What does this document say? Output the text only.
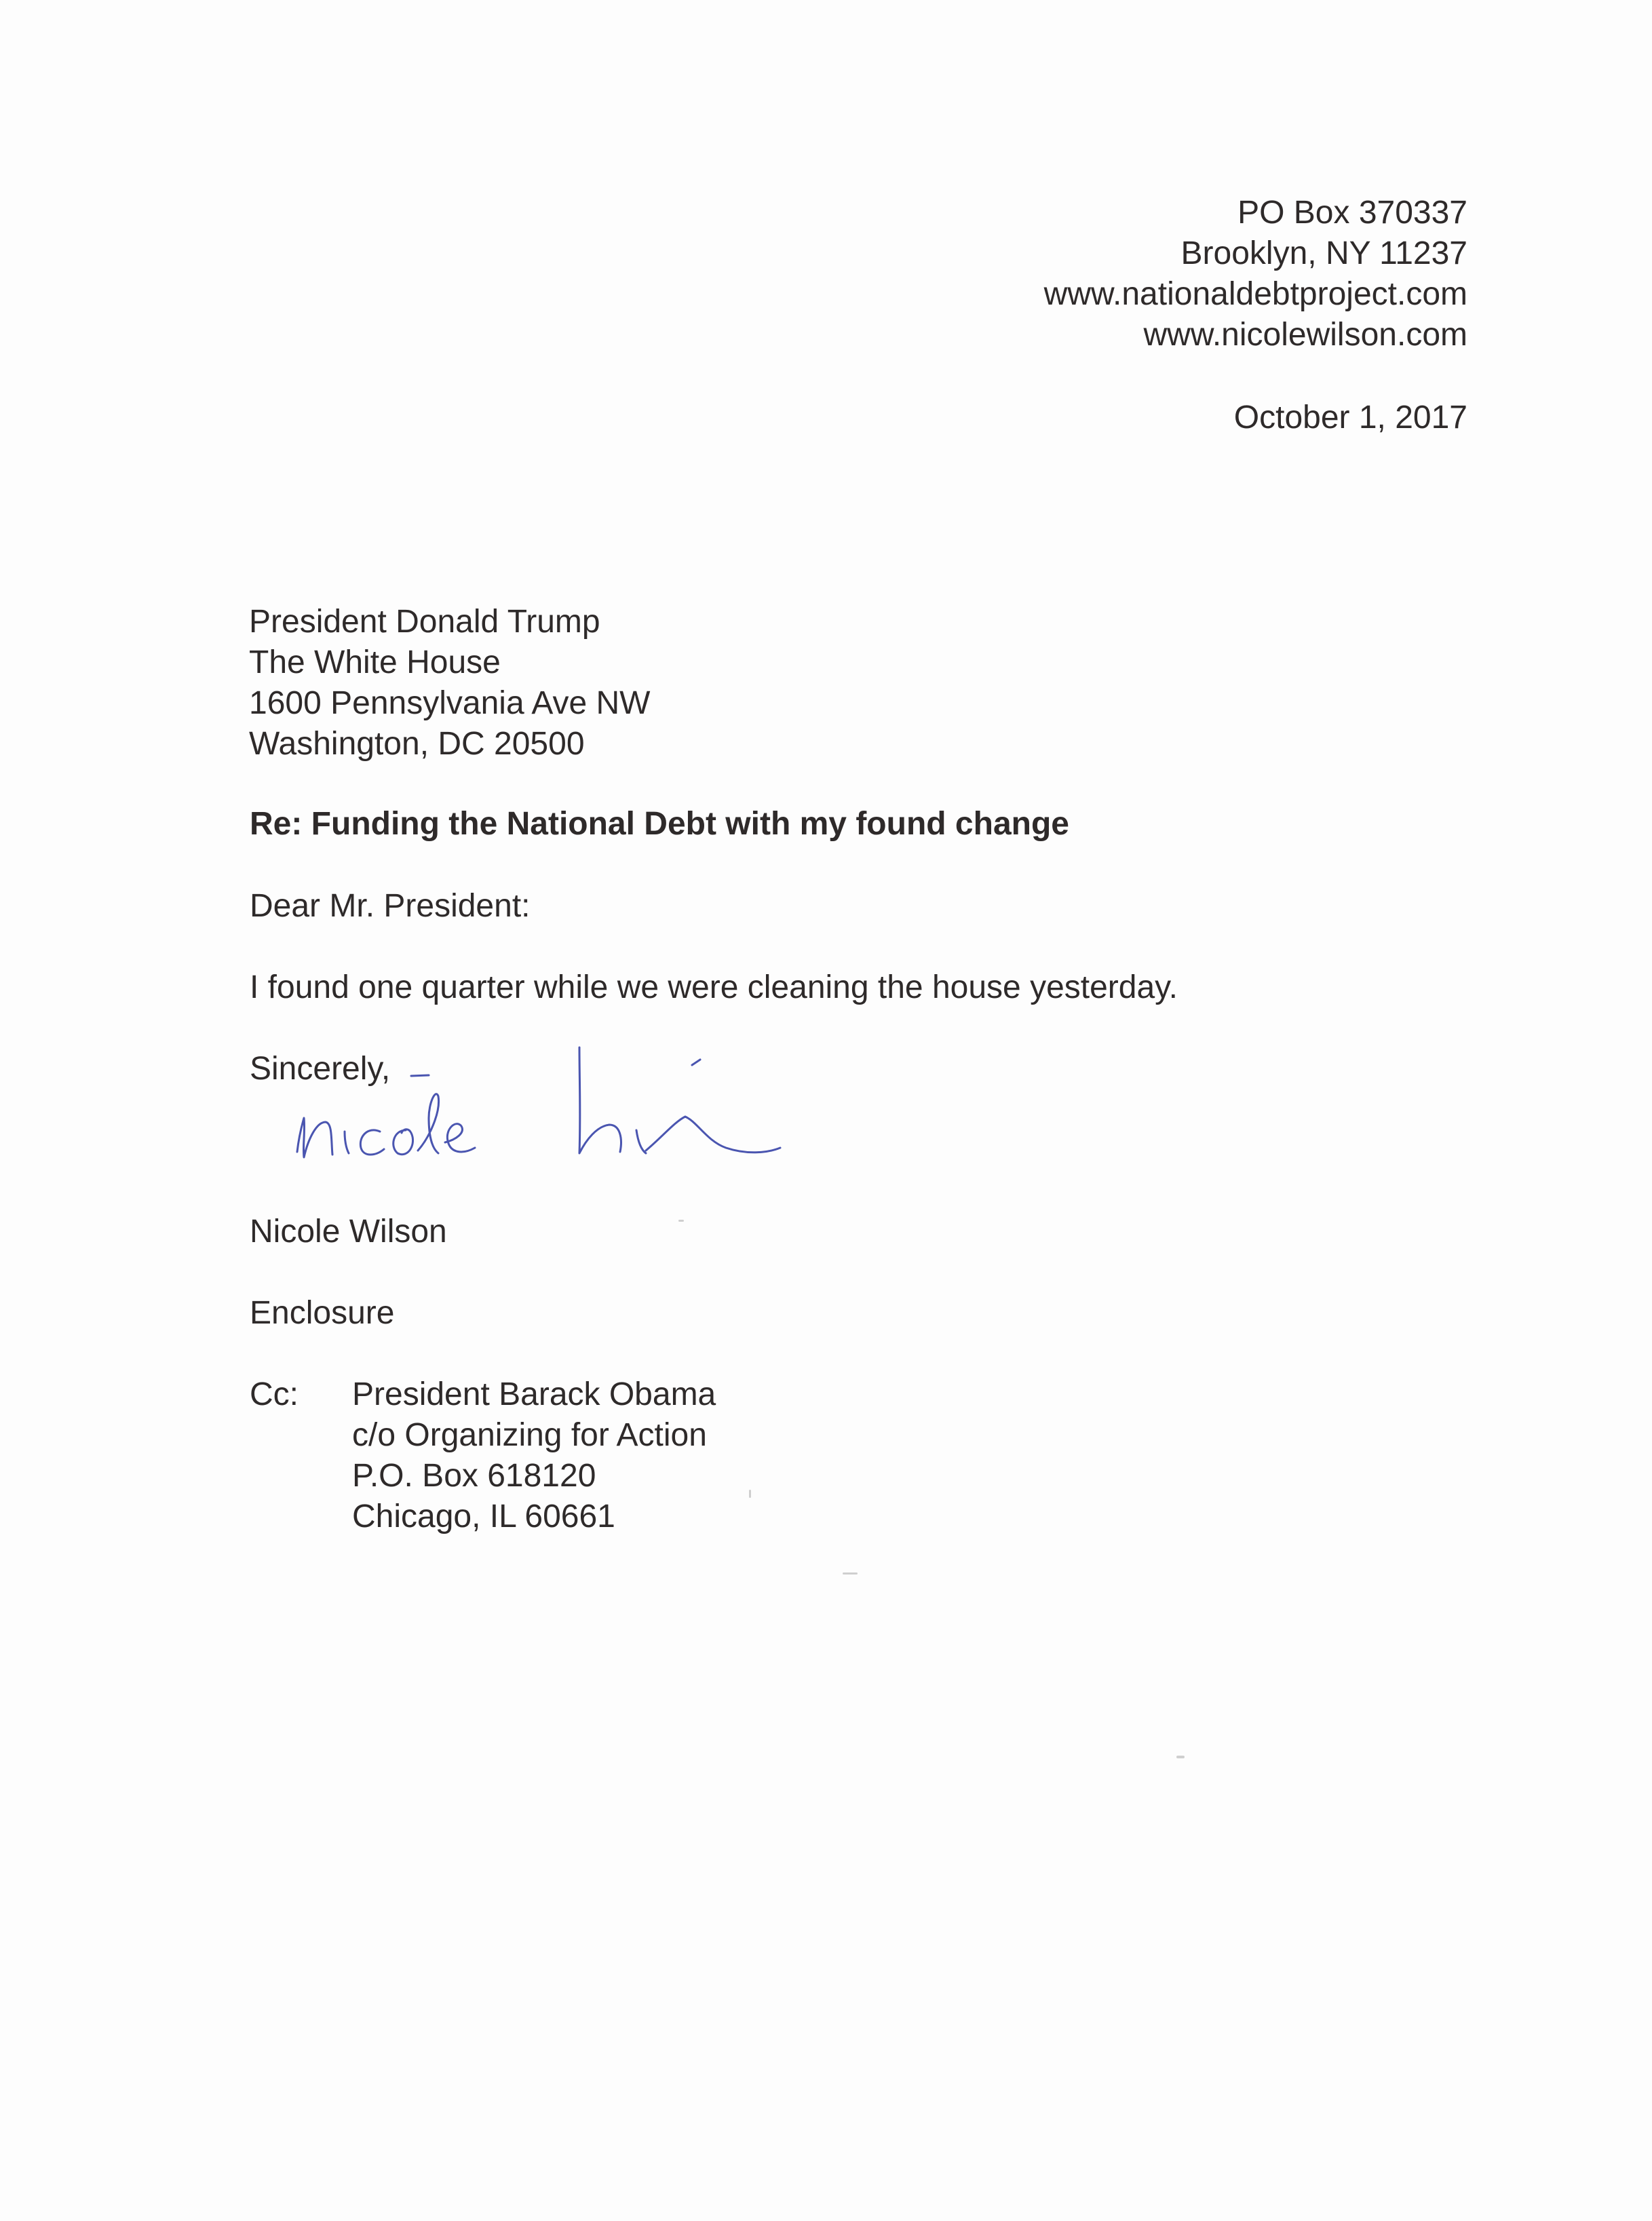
PO Box 370337
Brooklyn, NY 11237
www.nationaldebtproject.com
www.nicolewilson.com
October 1, 2017
President Donald Trump
The White House
1600 Pennsylvania Ave NW
Washington, DC 20500
Re: Funding the National Debt with my found change
Dear Mr. President:
I found one quarter while we were cleaning the house yesterday.
Sincerely,
Nicole Wilson
Enclosure
Cc: President Barack Obama
c/o Organizing for Action
P.O. Box 618120
Chicago, IL 60661
